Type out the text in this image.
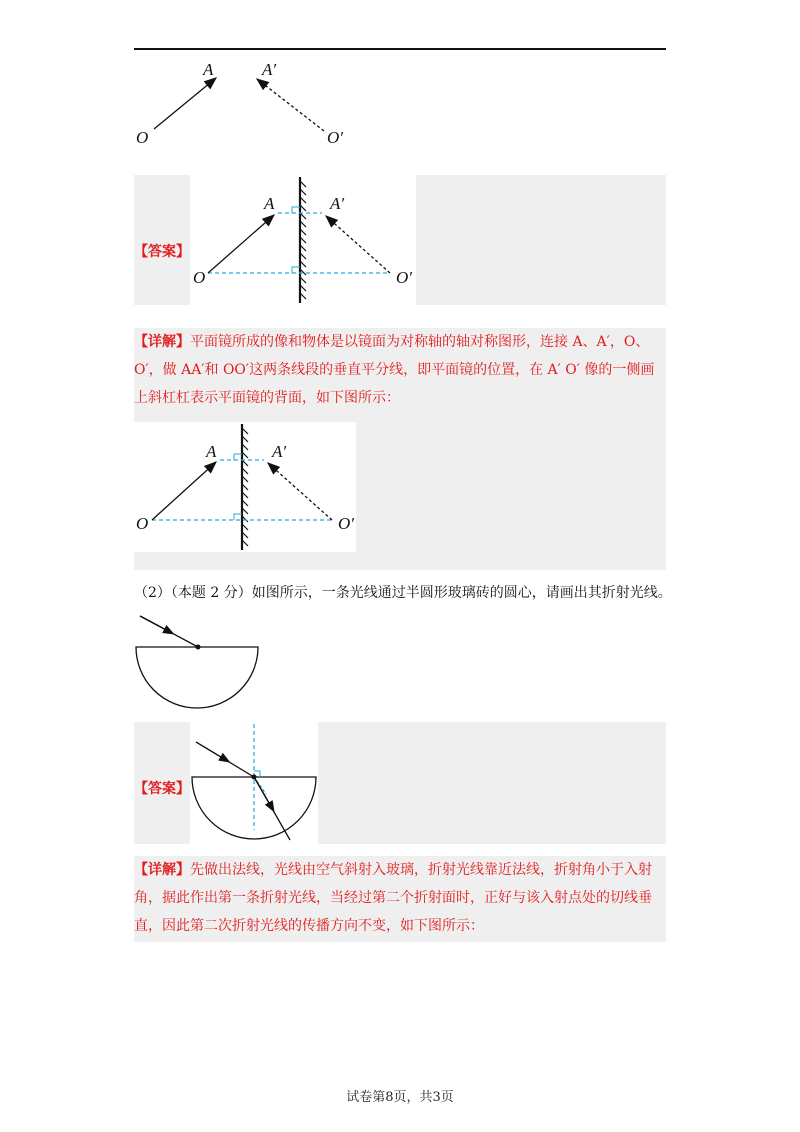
A	A′
O	O′
【答案】
A	A′
O	O′
【详解】平面镜所成的像和物体是以镜面为对称轴的轴对称图形，连接 A、A′，O、
O′，做 AA′和 OO′这两条线段的垂直平分线，即平面镜的位置，在 A′ O′ 像的一侧画
上斜杠杠表示平面镜的背面，如下图所示：
A	A′
O	O′
（2）（本题 2 分）如图所示，一条光线通过半圆形玻璃砖的圆心，请画出其折射光线。
【答案】
【详解】先做出法线，光线由空气斜射入玻璃，折射光线靠近法线，折射角小于入射
角，据此作出第一条折射光线，当经过第二个折射面时，正好与该入射点处的切线垂
直，因此第二次折射光线的传播方向不变，如下图所示：
试卷第8页，共3页
